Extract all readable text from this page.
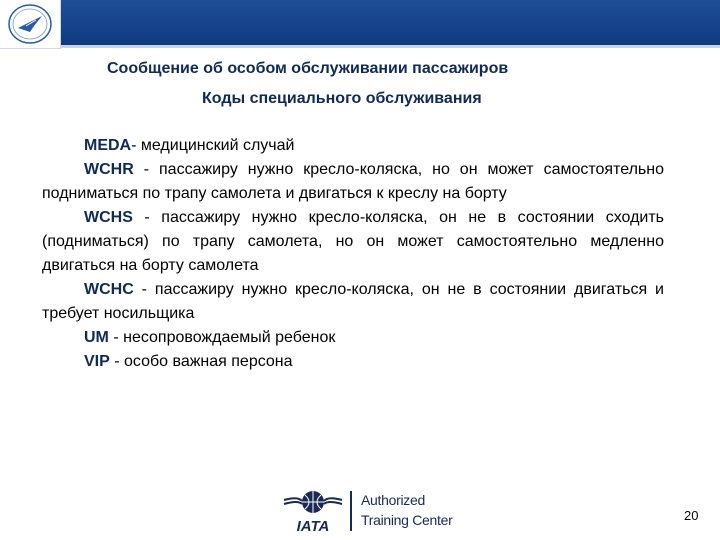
Сообщение об особом обслуживании пассажиров
Коды специального обслуживания

MEDA- медицинский случай

WCHR - пассажиру нужно кресло-коляска, но он может самостоятельно подниматься по трапу самолета и двигаться к креслу на борту

WCHS - пассажиру нужно кресло-коляска, он не в состоянии сходить (подниматься) по трапу самолета, но он может самостоятельно медленно двигаться на борту самолета

WCHC - пассажиру нужно кресло-коляска, он не в состоянии двигаться и требует носильщика

UM - несопровождаемый ребенок

VIP - особо важная персона

IATA
Authorized
Training Center	20
